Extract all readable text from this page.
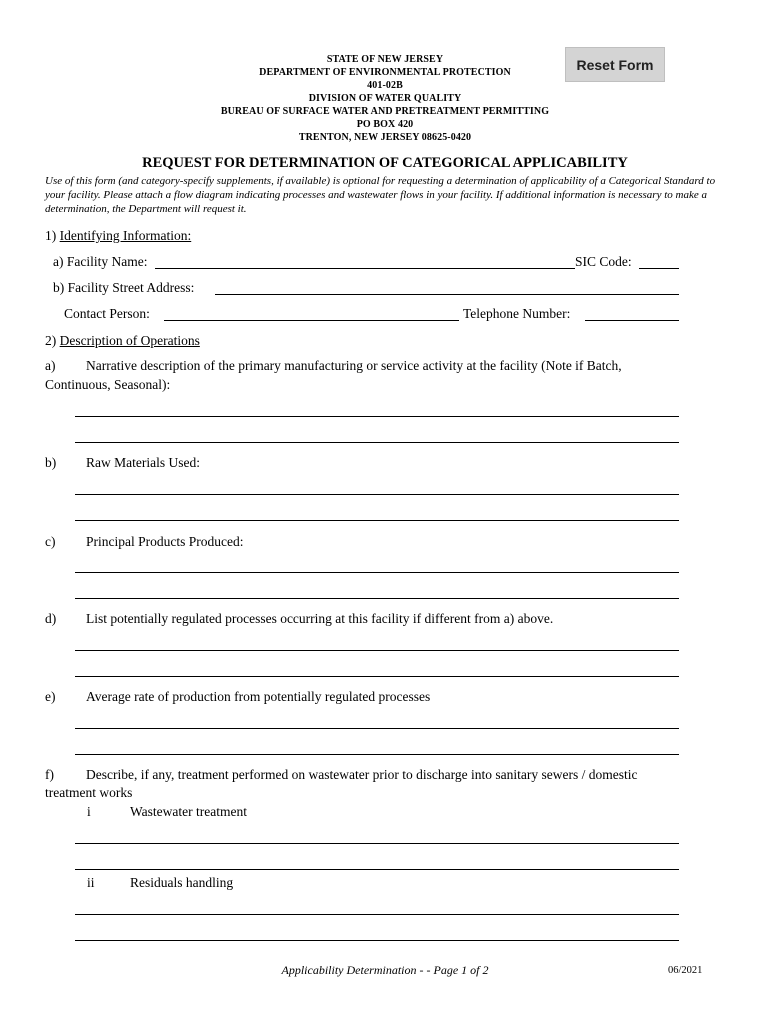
STATE OF NEW JERSEY
DEPARTMENT OF ENVIRONMENTAL PROTECTION
401-02B
DIVISION OF WATER QUALITY
BUREAU OF SURFACE WATER AND PRETREATMENT PERMITTING
PO BOX 420
TRENTON, NEW JERSEY 08625-0420
Reset Form
REQUEST FOR DETERMINATION OF CATEGORICAL APPLICABILITY
Use of this form (and category-specify supplements, if available) is optional for requesting a determination of applicability of a Categorical Standard to your facility. Please attach a flow diagram indicating processes and wastewater flows in your facility. If additional information is necessary to make a determination, the Department will request it.
1) Identifying Information:
a) Facility Name:	SIC Code:
b) Facility Street Address:
Contact Person:	Telephone Number:
2) Description of Operations
a) Narrative description of the primary manufacturing or service activity at the facility (Note if Batch,
Continuous, Seasonal):
b) Raw Materials Used:
c) Principal Products Produced:
d) List potentially regulated processes occurring at this facility if different from a) above.
e) Average rate of production from potentially regulated processes
f) Describe, if any, treatment performed on wastewater prior to discharge into sanitary sewers / domestic
treatment works
i	Wastewater treatment
ii	Residuals handling
Applicability Determination - - Page 1 of 2	06/2021
